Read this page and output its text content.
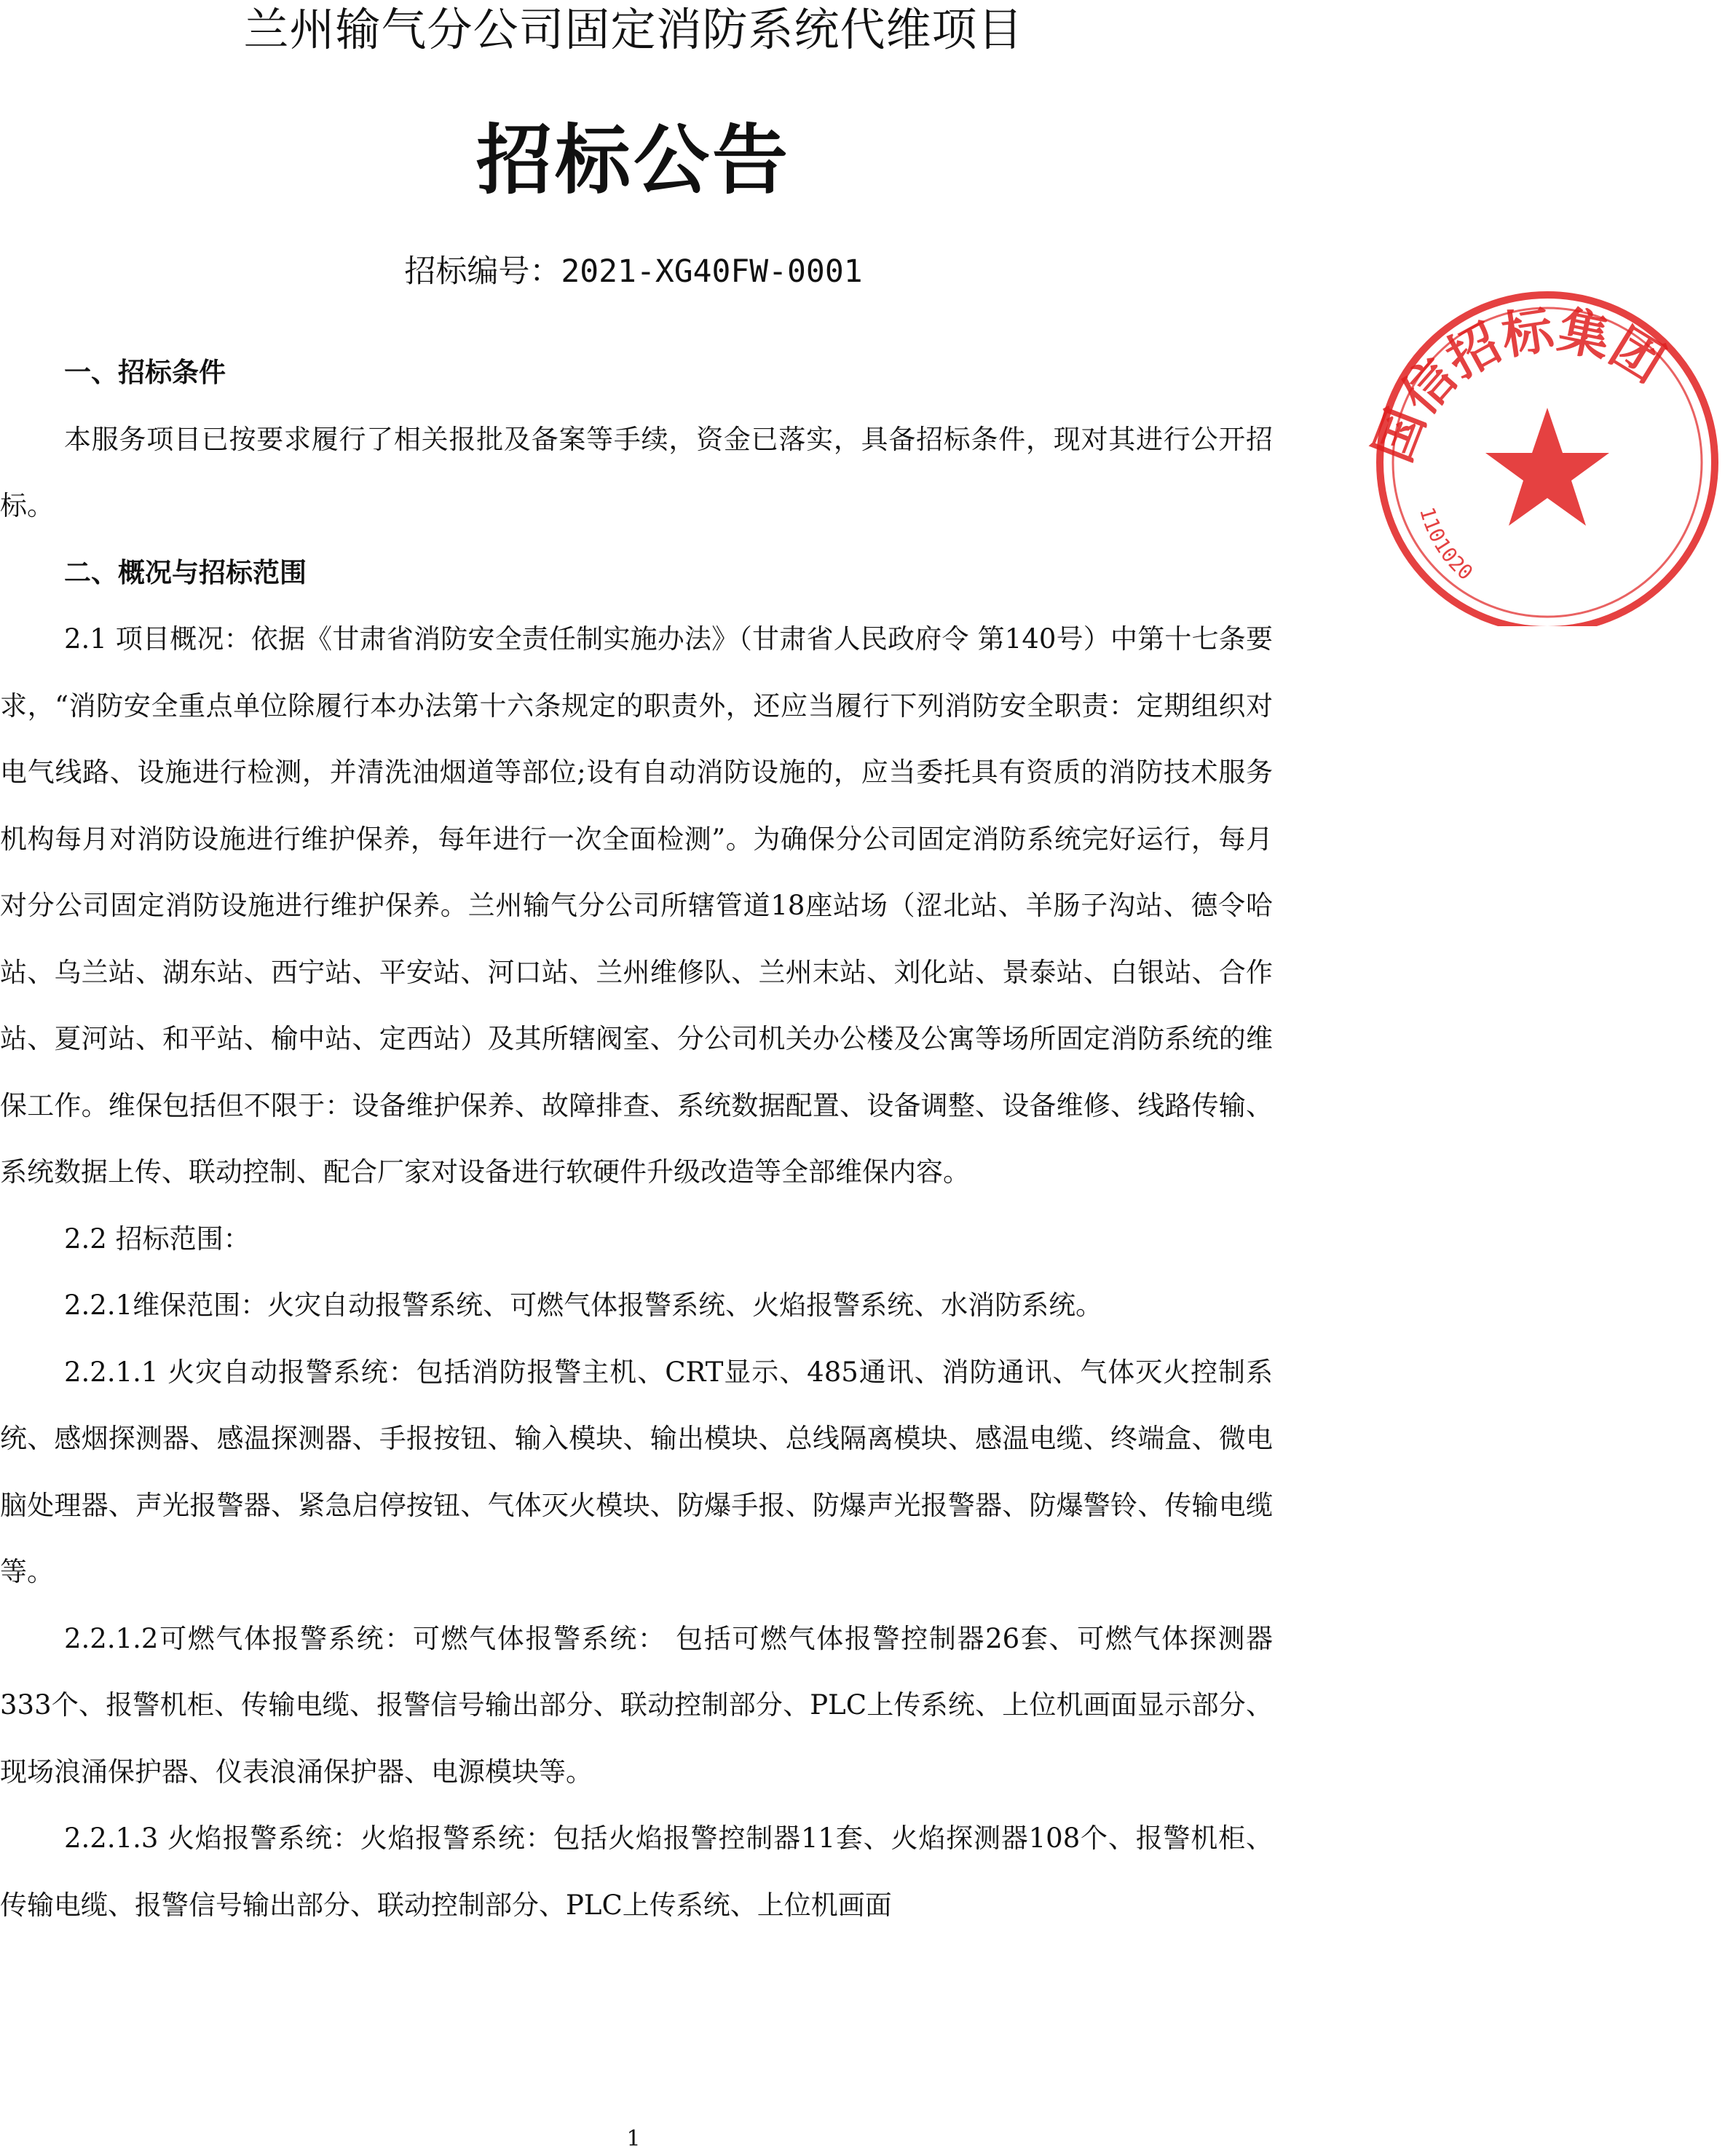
兰州输气分公司固定消防系统代维项目
招标公告
招标编号：2021-XG40FW-0001

一、招标条件

本服务项目已按要求履行了相关报批及备案等手续，资金已落实，具备招标条件，现对其进行公开招标。

二、概况与招标范围

2.1 项目概况：依据《甘肃省消防安全责任制实施办法》（甘肃省人民政府令 第140号）中第十七条要求，“消防安全重点单位除履行本办法第十六条规定的职责外，还应当履行下列消防安全职责：定期组织对电气线路、设施进行检测，并清洗油烟道等部位;设有自动消防设施的，应当委托具有资质的消防技术服务机构每月对消防设施进行维护保养，每年进行一次全面检测”。为确保分公司固定消防系统完好运行，每月对分公司固定消防设施进行维护保养。兰州输气分公司所辖管道18座站场（涩北站、羊肠子沟站、德令哈站、乌兰站、湖东站、西宁站、平安站、河口站、兰州维修队、兰州末站、刘化站、景泰站、白银站、合作站、夏河站、和平站、榆中站、定西站）及其所辖阀室、分公司机关办公楼及公寓等场所固定消防系统的维保工作。维保包括但不限于：设备维护保养、故障排查、系统数据配置、设备调整、设备维修、线路传输、系统数据上传、联动控制、配合厂家对设备进行软硬件升级改造等全部维保内容。

2.2 招标范围：

2.2.1维保范围：火灾自动报警系统、可燃气体报警系统、火焰报警系统、水消防系统。

2.2.1.1 火灾自动报警系统：包括消防报警主机、CRT显示、485通讯、消防通讯、气体灭火控制系统、感烟探测器、感温探测器、手报按钮、输入模块、输出模块、总线隔离模块、感温电缆、终端盒、微电脑处理器、声光报警器、紧急启停按钮、气体灭火模块、防爆手报、防爆声光报警器、防爆警铃、传输电缆等。

2.2.1.2可燃气体报警系统：可燃气体报警系统： 包括可燃气体报警控制器26套、可燃气体探测器333个、报警机柜、传输电缆、报警信号输出部分、联动控制部分、PLC上传系统、上位机画面显示部分、现场浪涌保护器、仪表浪涌保护器、电源模块等。

2.2.1.3 火焰报警系统：火焰报警系统：包括火焰报警控制器11套、火焰探测器108个、报警机柜、传输电缆、报警信号输出部分、联动控制部分、PLC上传系统、上位机画面

1
国信招标集团
1101020
